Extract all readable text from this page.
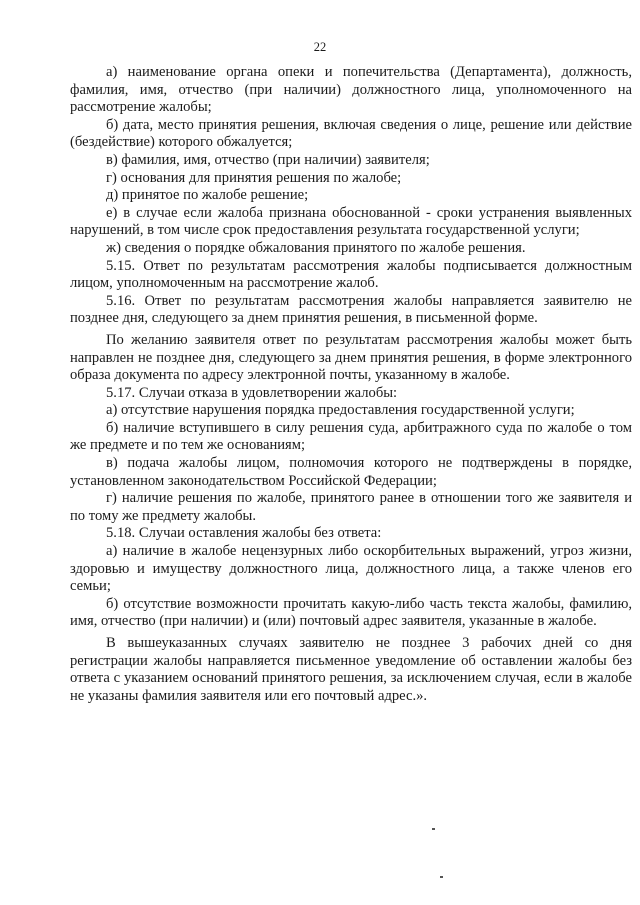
22

а) наименование органа опеки и попечительства (Департамента), должность, фамилия, имя, отчество (при наличии) должностного лица, уполномоченного на рассмотрение жалобы;

б) дата, место принятия решения, включая сведения о лице, решение или действие (бездействие) которого обжалуется;

в) фамилия, имя, отчество (при наличии) заявителя;

г) основания для принятия решения по жалобе;

д) принятое по жалобе решение;

е) в случае если жалоба признана обоснованной - сроки устранения выявленных нарушений, в том числе срок предоставления результата государственной услуги;

ж) сведения о порядке обжалования принятого по жалобе решения.

5.15. Ответ по результатам рассмотрения жалобы подписывается должностным лицом, уполномоченным на рассмотрение жалоб.

5.16. Ответ по результатам рассмотрения жалобы направляется заявителю не позднее дня, следующего за днем принятия решения, в письменной форме.

По желанию заявителя ответ по результатам рассмотрения жалобы может быть направлен не позднее дня, следующего за днем принятия решения, в форме электронного образа документа по адресу электронной почты, указанному в жалобе.

5.17. Случаи отказа в удовлетворении жалобы:

а) отсутствие нарушения порядка предоставления государственной услуги;

б) наличие вступившего в силу решения суда, арбитражного суда по жалобе о том же предмете и по тем же основаниям;

в) подача жалобы лицом, полномочия которого не подтверждены в порядке, установленном законодательством Российской Федерации;

г) наличие решения по жалобе, принятого ранее в отношении того же заявителя и по тому же предмету жалобы.

5.18. Случаи оставления жалобы без ответа:

а) наличие в жалобе нецензурных либо оскорбительных выражений, угроз жизни, здоровью и имуществу должностного лица, должностного лица, а также членов его семьи;

б) отсутствие возможности прочитать какую-либо часть текста жалобы, фамилию, имя, отчество (при наличии) и (или) почтовый адрес заявителя, указанные в жалобе.

В вышеуказанных случаях заявителю не позднее 3 рабочих дней со дня регистрации жалобы направляется письменное уведомление об оставлении жалобы без ответа с указанием оснований принятого решения, за исключением случая, если в жалобе не указаны фамилия заявителя или его почтовый адрес.».
